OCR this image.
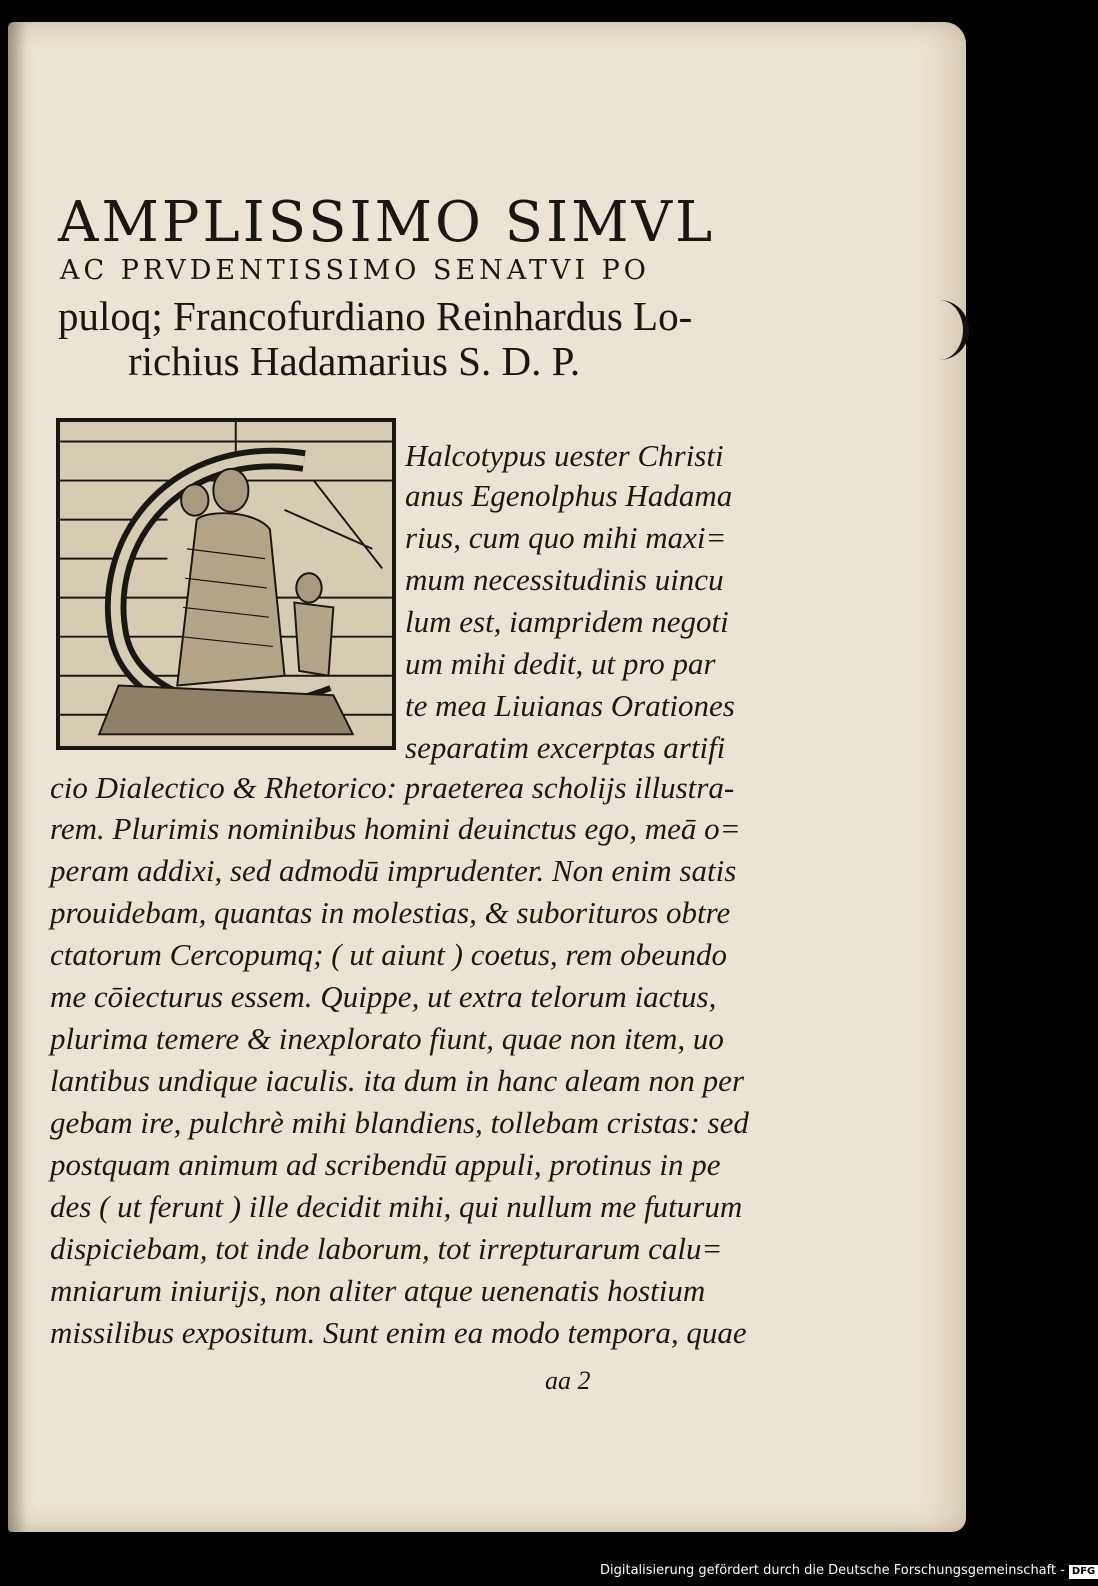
AMPLISSIMO SIMVL
AC PRVDENTISSIMO SENATVI PO
puloq; Francofurdiano Reinhardus Lo-
richius Hadamarius S. D. P.
Halcotypus uester Christi
anus Egenolphus Hadama
rius, cum quo mihi maxi=
mum necessitudinis uincu
lum est, iampridem negoti
um mihi dedit, ut pro par
te mea Liuianas Orationes
separatim excerptas artifi
cio Dialectico & Rhetorico: praeterea scholijs illustra-
rem. Plurimis nominibus homini deuinctus ego, meā o=
peram addixi, sed admodū imprudenter. Non enim satis
prouidebam, quantas in molestias, & suborituros obtre
ctatorum Cercopumq; ( ut aiunt ) coetus, rem obeundo
me cōiecturus essem. Quippe, ut extra telorum iactus,
plurima temere & inexplorato fiunt, quae non item, uo
lantibus undique iaculis. ita dum in hanc aleam non per
gebam ire, pulchrè mihi blandiens, tollebam cristas: sed
postquam animum ad scribendū appuli, protinus in pe
des ( ut ferunt ) ille decidit mihi, qui nullum me futurum
dispiciebam, tot inde laborum, tot irrepturarum calu=
mniarum iniurijs, non aliter atque uenenatis hostium
missilibus expositum. Sunt enim ea modo tempora, quae
aa 2
Digitalisierung gefördert durch die Deutsche Forschungsgemeinschaft - DFG
